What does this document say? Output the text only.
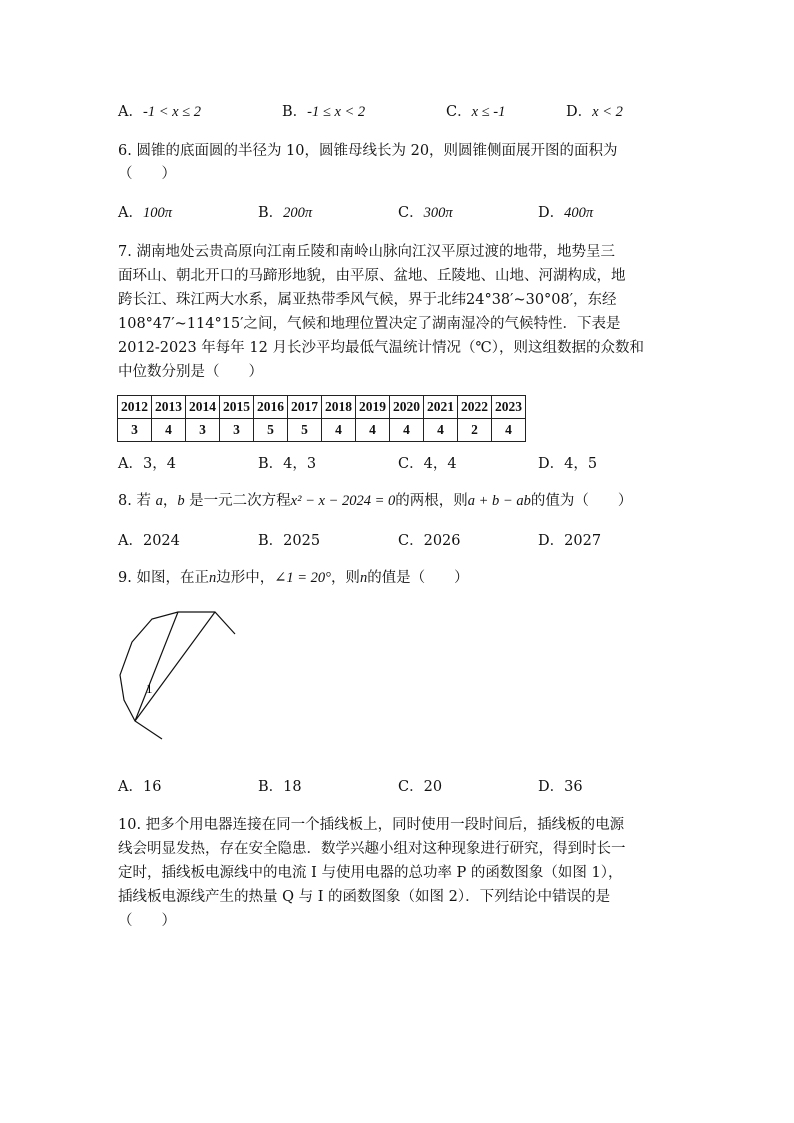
A．-1 < x ≤ 2	B．-1 ≤ x < 2	C．x ≤ -1	D．x < 2
6. 圆锥的底面圆的半径为 10，圆锥母线长为 20，则圆锥侧面展开图的面积为
（　　）
A．100π	B．200π	C．300π	D．400π
7. 湖南地处云贵高原向江南丘陵和南岭山脉向江汉平原过渡的地带，地势呈三
面环山、朝北开口的马蹄形地貌，由平原、盆地、丘陵地、山地、河湖构成，地
跨长江、珠江两大水系，属亚热带季风气候，界于北纬24°38′~30°08′，东经
108°47′~114°15′之间，气候和地理位置决定了湖南湿冷的气候特性．下表是
2012-2023 年每年 12 月长沙平均最低气温统计情况（℃），则这组数据的众数和
中位数分别是（　　）
2012	2013	2014	2015	2016	2017	2018	2019	2020	2021	2022	2023
3	4	3	3	5	5	4	4	4	4	2	4
A．3，4	B．4，3	C．4，4	D．4，5
8. 若 a，b 是一元二次方程x² − x − 2024 = 0的两根，则a + b − ab的值为（　　）
A．2024	B．2025	C．2026	D．2027
9. 如图，在正n边形中，∠1 = 20°，则n的值是（　　）
1
A．16	B．18	C．20	D．36
10. 把多个用电器连接在同一个插线板上，同时使用一段时间后，插线板的电源
线会明显发热，存在安全隐患．数学兴趣小组对这种现象进行研究，得到时长一
定时，插线板电源线中的电流 I 与使用电器的总功率 P 的函数图象（如图 1），
插线板电源线产生的热量 Q 与 I 的函数图象（如图 2）．下列结论中错误的是
（　　）
